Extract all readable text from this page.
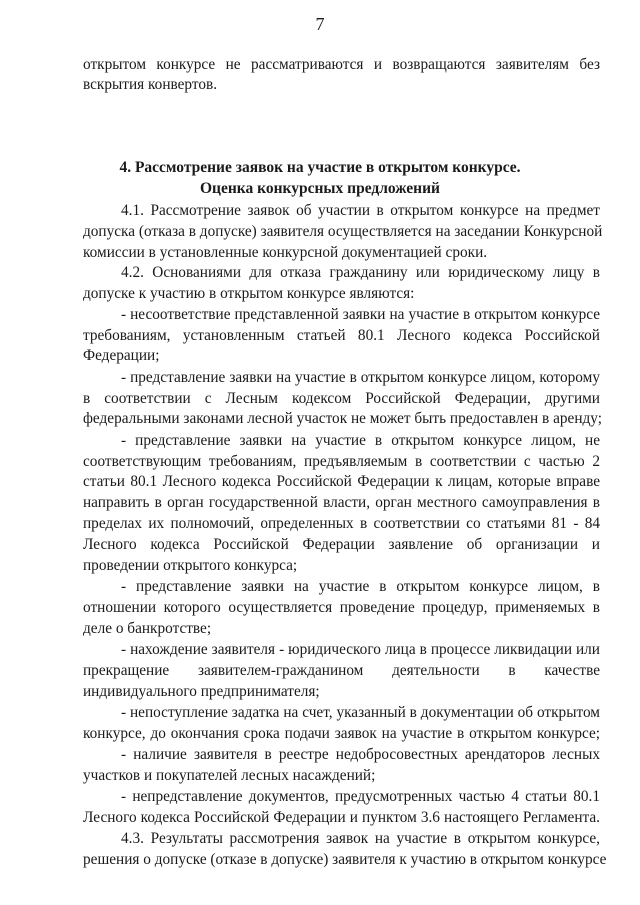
7
открытом конкурсе не рассматриваются и возвращаются заявителям без
вскрытия конвертов.
4. Рассмотрение заявок на участие в открытом конкурсе.
Оценка конкурсных предложений
4.1. Рассмотрение заявок об участии в открытом конкурсе на предмет
допуска (отказа в допуске) заявителя осуществляется на заседании Конкурсной
комиссии в установленные конкурсной документацией сроки.
4.2. Основаниями для отказа гражданину или юридическому лицу в
допуске к участию в открытом конкурсе являются:
- несоответствие представленной заявки на участие в открытом конкурсе
требованиям, установленным статьей 80.1 Лесного кодекса Российской
Федерации;
- представление заявки на участие в открытом конкурсе лицом, которому
в соответствии с Лесным кодексом Российской Федерации, другими
федеральными законами лесной участок не может быть предоставлен в аренду;
- представление заявки на участие в открытом конкурсе лицом, не
соответствующим требованиям, предъявляемым в соответствии с частью 2
статьи 80.1 Лесного кодекса Российской Федерации к лицам, которые вправе
направить в орган государственной власти, орган местного самоуправления в
пределах их полномочий, определенных в соответствии со статьями 81 - 84
Лесного кодекса Российской Федерации заявление об организации и
проведении открытого конкурса;
- представление заявки на участие в открытом конкурсе лицом, в
отношении которого осуществляется проведение процедур, применяемых в
деле о банкротстве;
- нахождение заявителя - юридического лица в процессе ликвидации или
прекращение заявителем-гражданином деятельности в качестве
индивидуального предпринимателя;
- непоступление задатка на счет, указанный в документации об открытом
конкурсе, до окончания срока подачи заявок на участие в открытом конкурсе;
- наличие заявителя в реестре недобросовестных арендаторов лесных
участков и покупателей лесных насаждений;
- непредставление документов, предусмотренных частью 4 статьи 80.1
Лесного кодекса Российской Федерации и пунктом 3.6 настоящего Регламента.
4.3. Результаты рассмотрения заявок на участие в открытом конкурсе,
решения о допуске (отказе в допуске) заявителя к участию в открытом конкурсе
